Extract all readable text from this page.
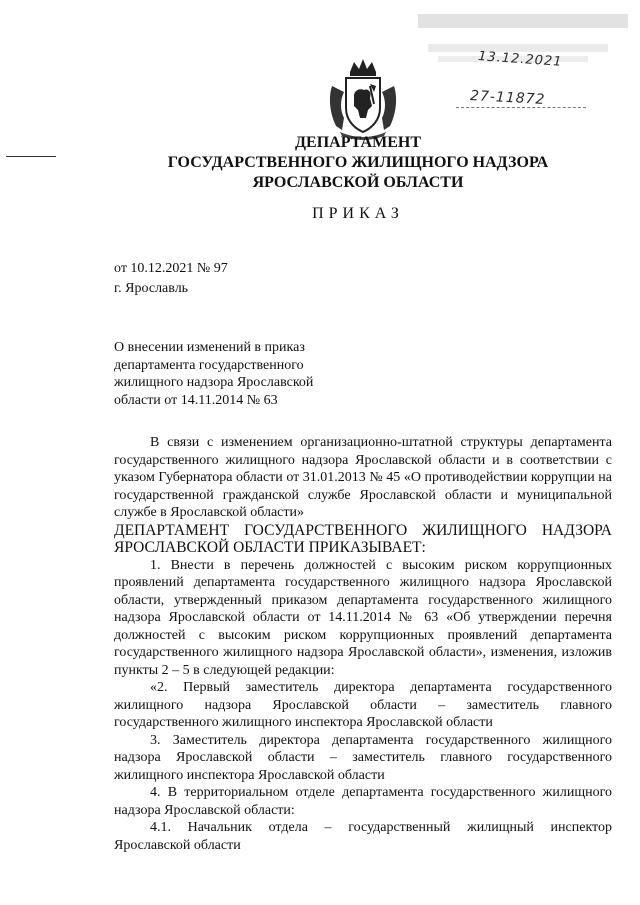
13.12.2021
27-11872
ДЕПАРТАМЕНТ
ГОСУДАРСТВЕННОГО ЖИЛИЩНОГО НАДЗОРА
ЯРОСЛАВСКОЙ ОБЛАСТИ
ПРИКАЗ
от 10.12.2021 № 97
г. Ярославль
О внесении изменений в приказ департамента государственного жилищного надзора Ярославской области от 14.11.2014 № 63

В связи с изменением организационно-штатной структуры департамента государственного жилищного надзора Ярославской области и в соответствии с указом Губернатора области от 31.01.2013 № 45 «О противодействии коррупции на государственной гражданской службе Ярославской области и муниципальной службе в Ярославской области»

ДЕПАРТАМЕНТ ГОСУДАРСТВЕННОГО ЖИЛИЩНОГО НАДЗОРА ЯРОСЛАВСКОЙ ОБЛАСТИ ПРИКАЗЫВАЕТ:

1. Внести в перечень должностей с высоким риском коррупционных проявлений департамента государственного жилищного надзора Ярославской области, утвержденный приказом департамента государственного жилищного надзора Ярославской области от 14.11.2014 № 63 «Об утверждении перечня должностей с высоким риском коррупционных проявлений департамента государственного жилищного надзора Ярославской области», изменения, изложив пункты 2 – 5 в следующей редакции:

«2. Первый заместитель директора департамента государственного жилищного надзора Ярославской области – заместитель главного государственного жилищного инспектора Ярославской области

3. Заместитель директора департамента государственного жилищного надзора Ярославской области – заместитель главного государственного жилищного инспектора Ярославской области

4. В территориальном отделе департамента государственного жилищного надзора Ярославской области:

4.1. Начальник отдела – государственный жилищный инспектор Ярославской области
